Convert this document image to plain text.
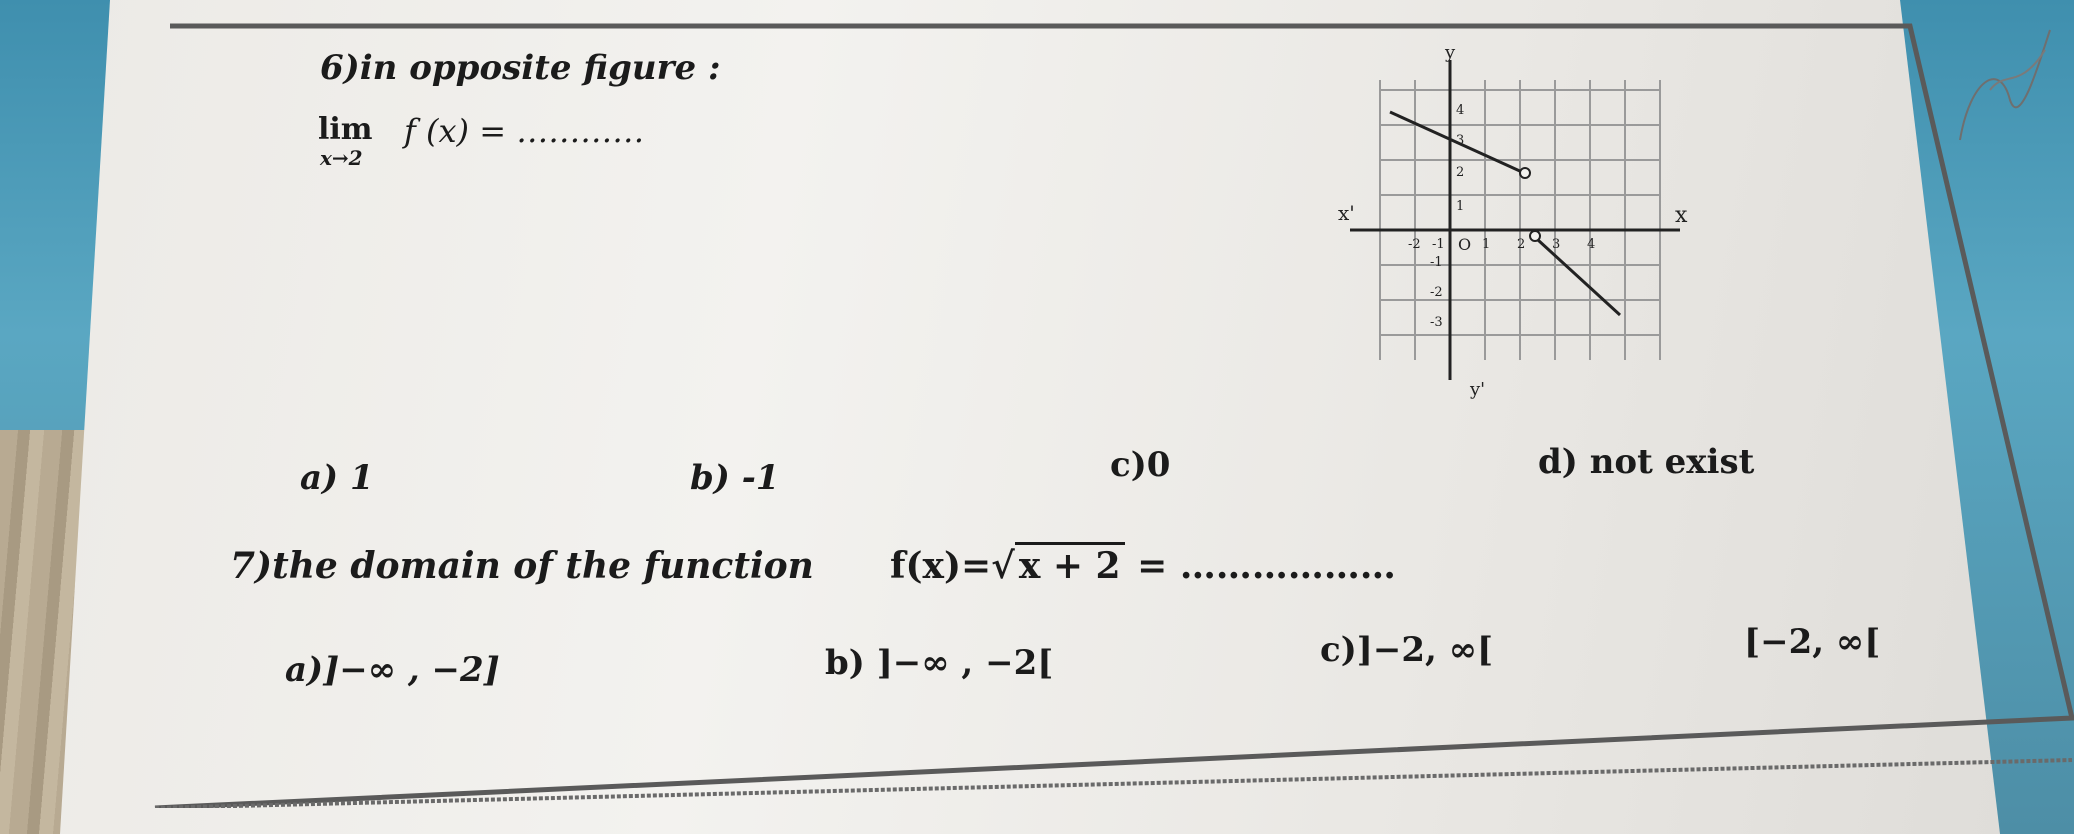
6)in opposite figure :
lim
x→2
f (x) = …………
y
y'
x
x'
O
-2 -1	1 2 3 4
4
3
2
1
-1
-2
-3
a) 1	b) -1	c)0	d) not exist
7)the domain of the function f(x)=√ x + 2 = ………………
a)]−∞ , −2]	b) ]−∞ , −2[	c)]−2, ∞[	[−2, ∞[
